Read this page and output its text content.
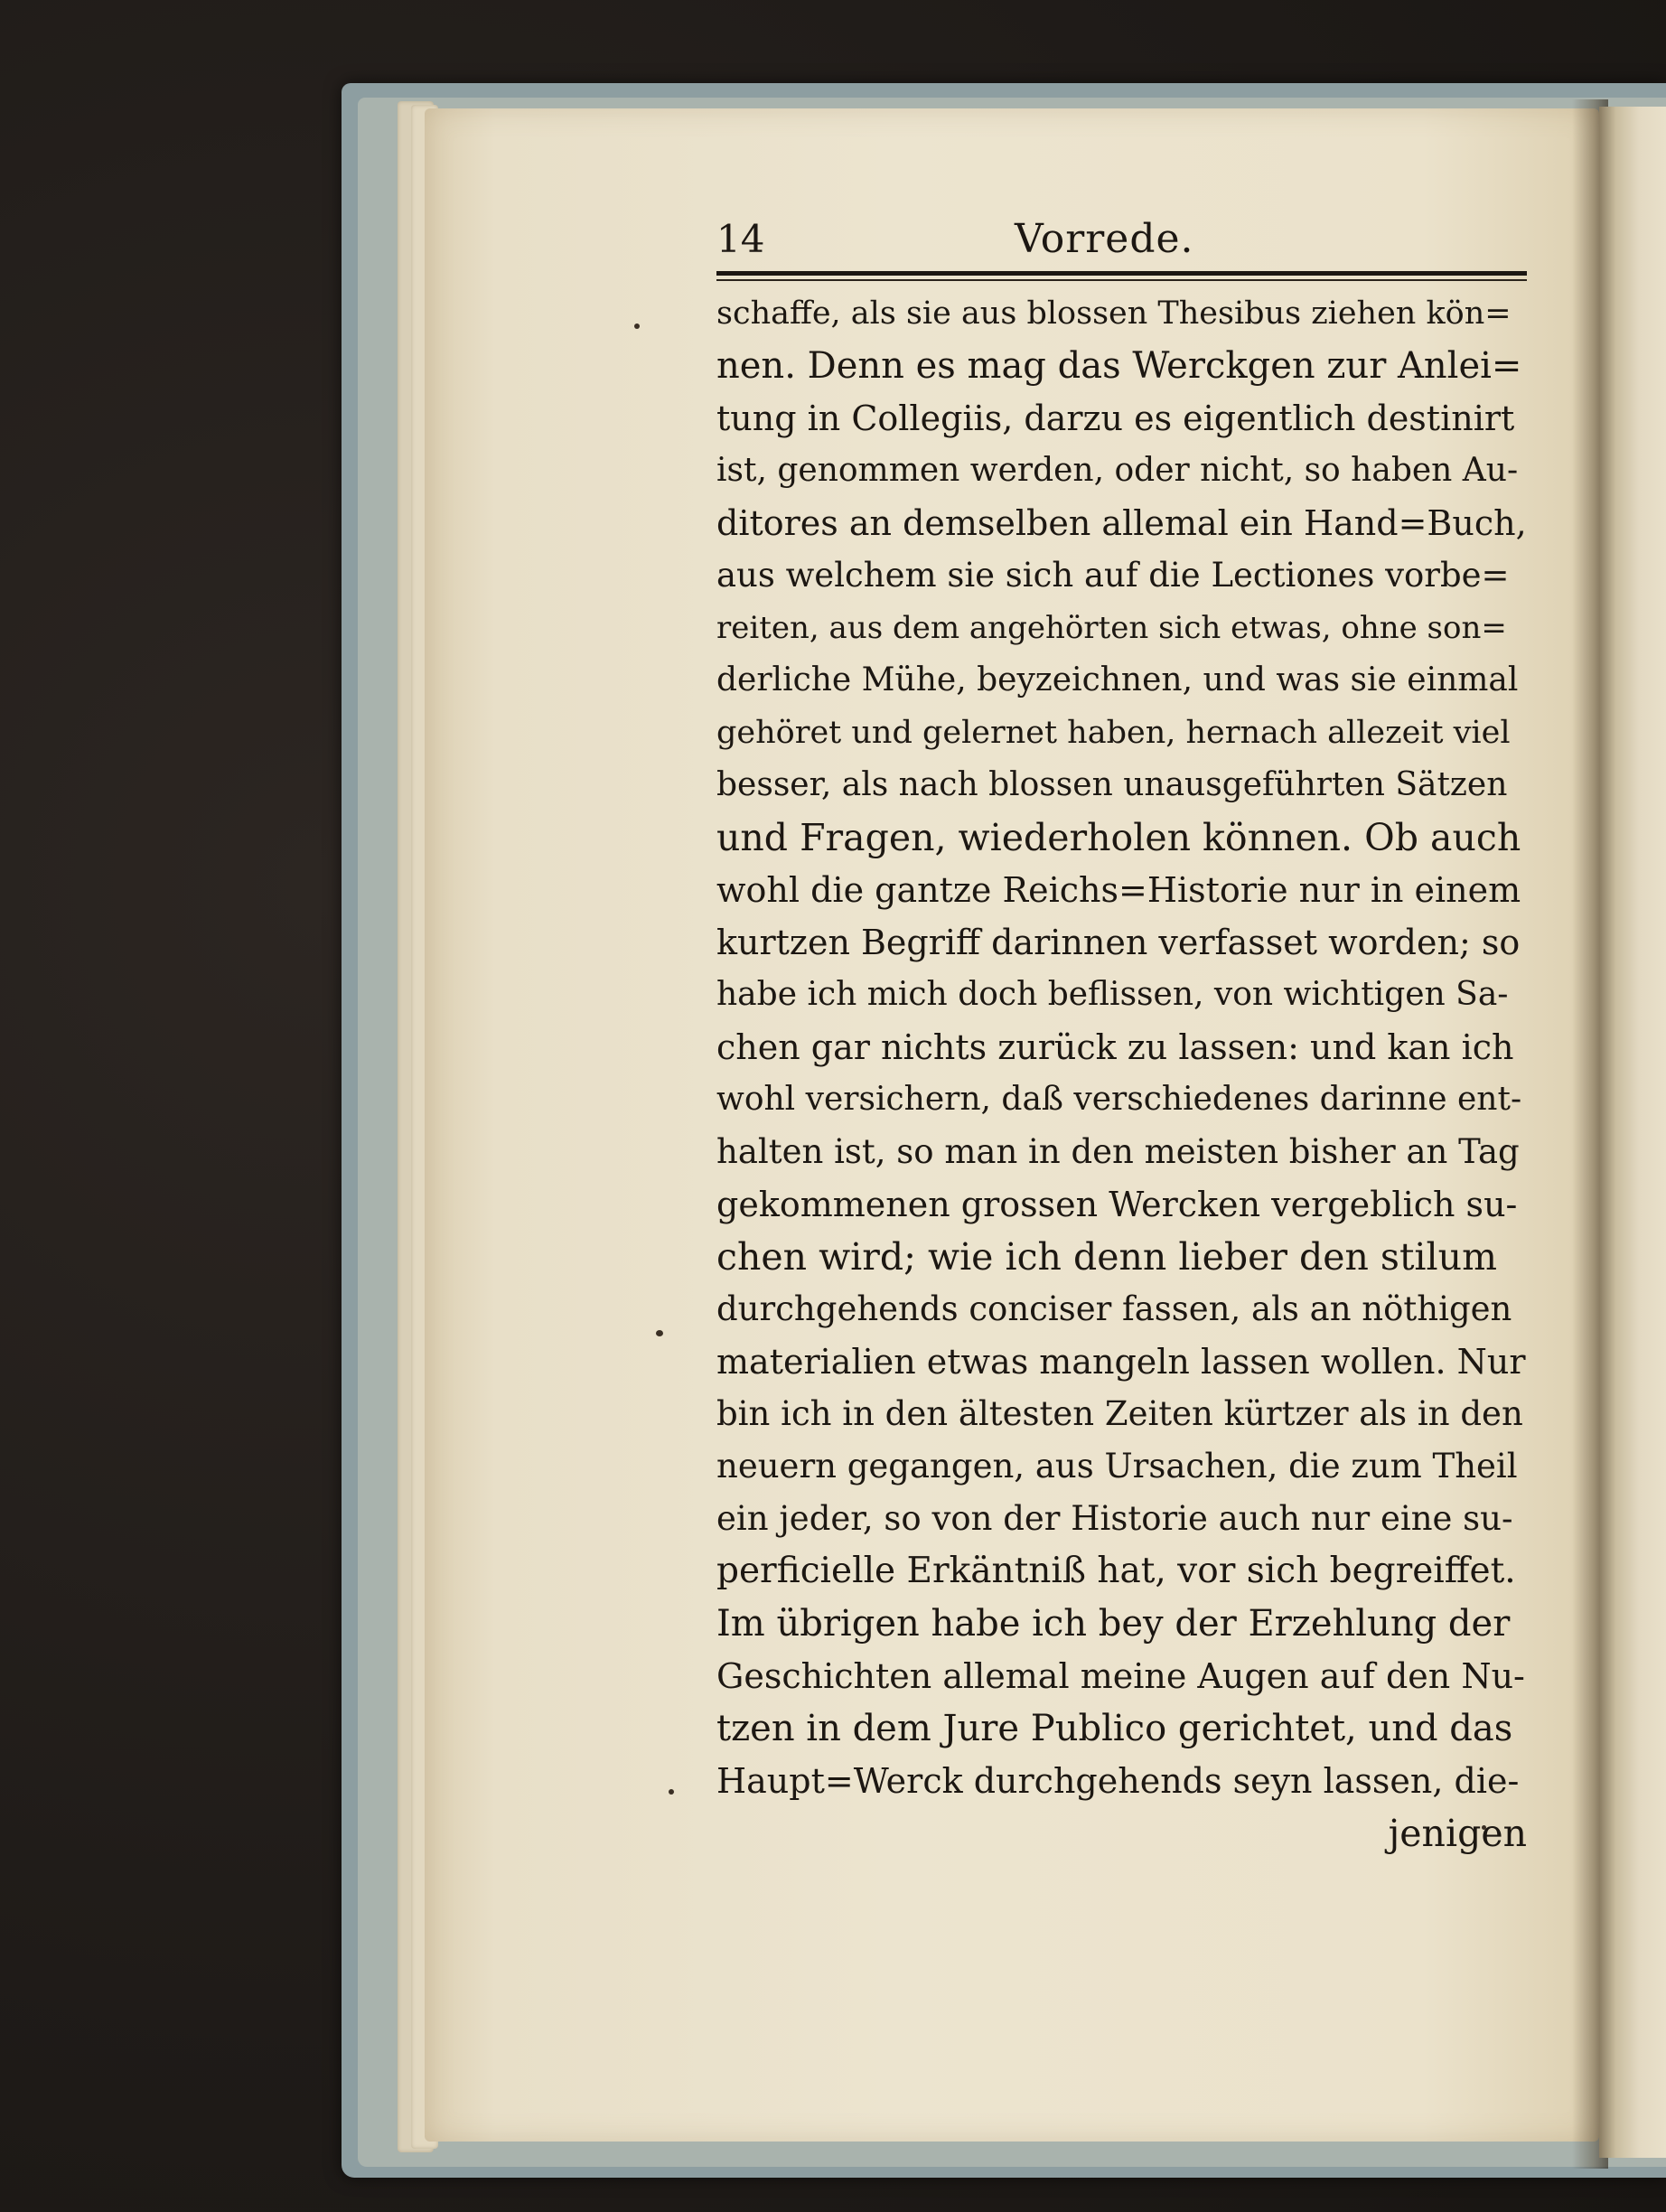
14	Vorrede.
schaffe, als sie aus blossen Thesibus ziehen kön=
nen. Denn es mag das Werckgen zur Anlei=
tung in Collegiis, darzu es eigentlich destinirt
ist, genommen werden, oder nicht, so haben Au-
ditores an demselben allemal ein Hand=Buch,
aus welchem sie sich auf die Lectiones vorbe=
reiten, aus dem angehörten sich etwas, ohne son=
derliche Mühe, beyzeichnen, und was sie einmal
gehöret und gelernet haben, hernach allezeit viel
besser, als nach blossen unausgeführten Sätzen
und Fragen, wiederholen können. Ob auch
wohl die gantze Reichs=Historie nur in einem
kurtzen Begriff darinnen verfasset worden; so
habe ich mich doch beflissen, von wichtigen Sa-
chen gar nichts zurück zu lassen: und kan ich
wohl versichern, daß verschiedenes darinne ent-
halten ist, so man in den meisten bisher an Tag
gekommenen grossen Wercken vergeblich su-
chen wird; wie ich denn lieber den stilum
durchgehends conciser fassen, als an nöthigen
materialien etwas mangeln lassen wollen. Nur
bin ich in den ältesten Zeiten kürtzer als in den
neuern gegangen, aus Ursachen, die zum Theil
ein jeder, so von der Historie auch nur eine su-
perficielle Erkäntniß hat, vor sich begreiffet.
Im übrigen habe ich bey der Erzehlung der
Geschichten allemal meine Augen auf den Nu-
tzen in dem Jure Publico gerichtet, und das
Haupt=Werck durchgehends seyn lassen, die-
jenigen
